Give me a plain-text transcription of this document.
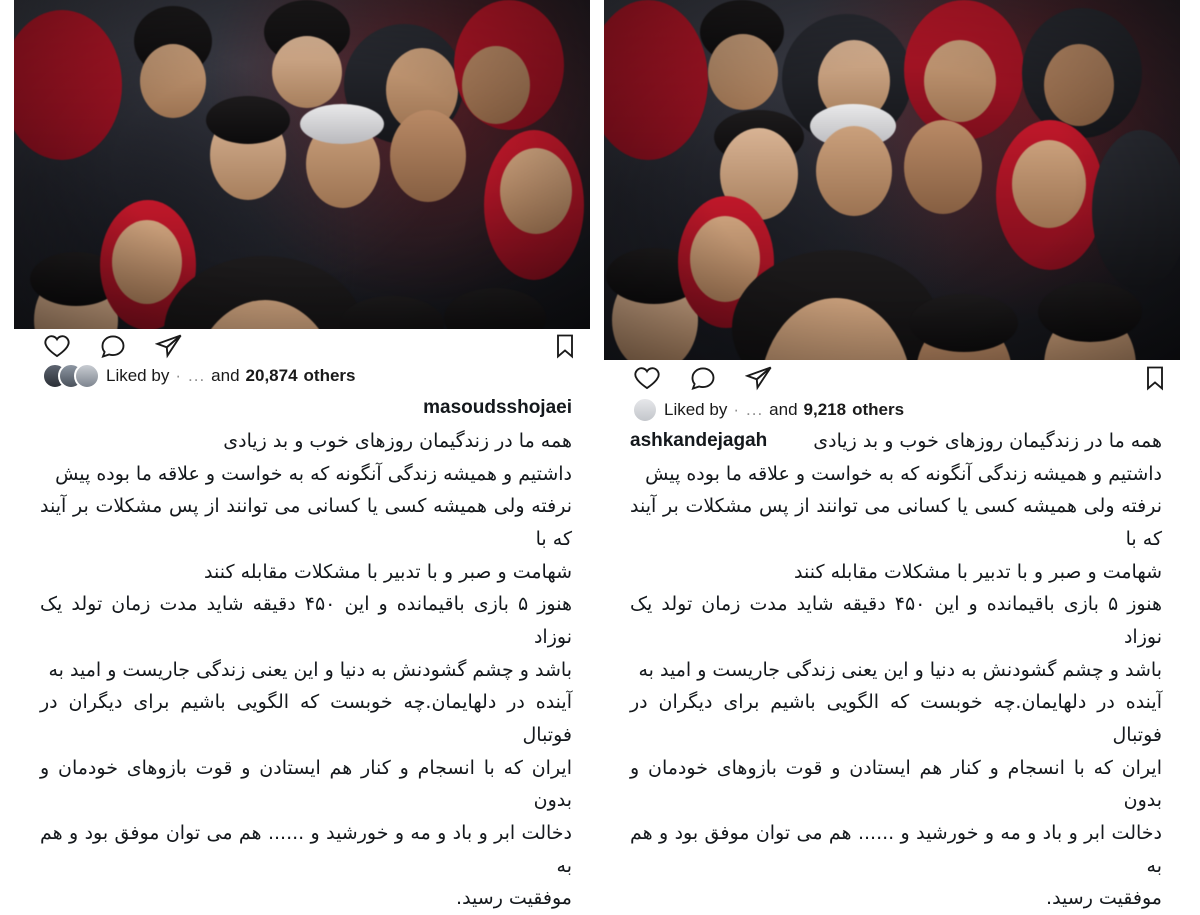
Liked by · ... and 20,874 others

masoudsshojaei
همه ما در زندگیمان روزهای خوب و بد زیادی
داشتیم و همیشه زندگی آنگونه که به خواست و علاقه ما بوده پیش
نرفته ولی همیشه کسی یا کسانی می توانند از پس مشکلات بر آیند که با
شهامت و صبر و با تدبیر با مشکلات مقابله کنند
هنوز ۵ بازی باقیمانده و این ۴۵۰ دقیقه شاید مدت زمان تولد یک نوزاد
باشد و چشم گشودنش به دنیا و این یعنی زندگی جاریست و امید به
آینده در دلهایمان.چه خوبست که الگویی باشیم برای دیگران در فوتبال
ایران که با انسجام و کنار هم ایستادن و قوت بازوهای خودمان و بدون
دخالت ابر و باد و مه و خورشید و ...... هم می توان موفق بود و هم به
موفقیت رسید.

Liked by · ... and 9,218 others

ashkandejagah	همه ما در زندگیمان روزهای خوب و بد زیادی
داشتیم و همیشه زندگی آنگونه که به خواست و علاقه ما بوده پیش
نرفته ولی همیشه کسی یا کسانی می توانند از پس مشکلات بر آیند که با
شهامت و صبر و با تدبیر با مشکلات مقابله کنند
هنوز ۵ بازی باقیمانده و این ۴۵۰ دقیقه شاید مدت زمان تولد یک نوزاد
باشد و چشم گشودنش به دنیا و این یعنی زندگی جاریست و امید به
آینده در دلهایمان.چه خوبست که الگویی باشیم برای دیگران در فوتبال
ایران که با انسجام و کنار هم ایستادن و قوت بازوهای خودمان و بدون
دخالت ابر و باد و مه و خورشید و ...... هم می توان موفق بود و هم به
موفقیت رسید.
